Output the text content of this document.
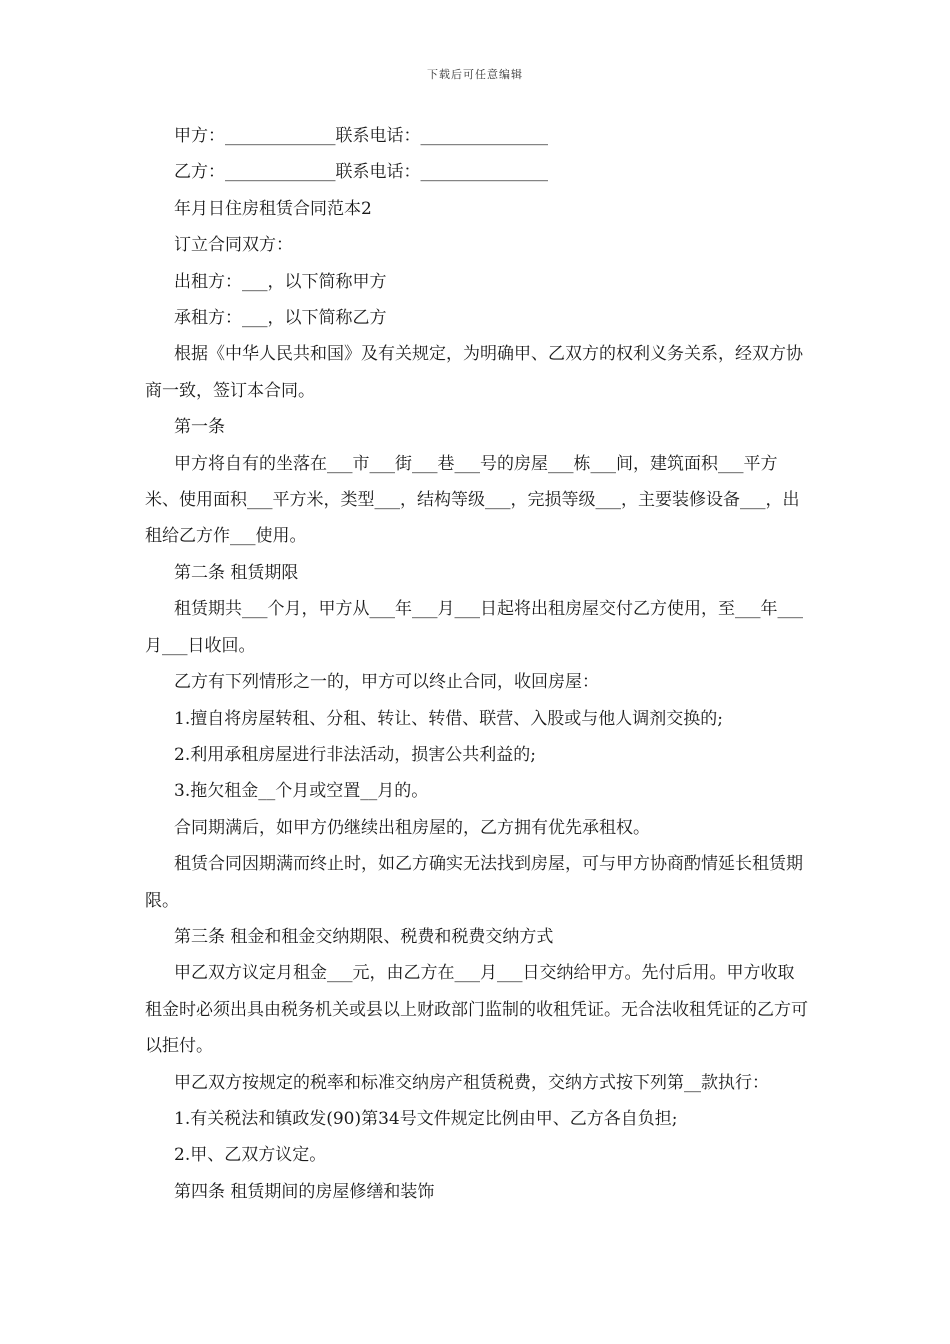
下载后可任意编辑

甲方：_____________联系电话：_______________

乙方：_____________联系电话：_______________

年月日住房租赁合同范本2

订立合同双方：

出租方：___，以下简称甲方

承租方：___，以下简称乙方

根据《中华人民共和国》及有关规定，为明确甲、乙双方的权利义务关系，经双方协商一致，签订本合同。

第一条

甲方将自有的坐落在___市___街___巷___号的房屋___栋___间，建筑面积___平方米、使用面积___平方米，类型___，结构等级___，完损等级___，主要装修设备___，出租给乙方作___使用。

第二条 租赁期限

租赁期共___个月，甲方从___年___月___日起将出租房屋交付乙方使用，至___年___月___日收回。

乙方有下列情形之一的，甲方可以终止合同，收回房屋：

1.擅自将房屋转租、分租、转让、转借、联营、入股或与他人调剂交换的;

2.利用承租房屋进行非法活动，损害公共利益的;

3.拖欠租金__个月或空置__月的。

合同期满后，如甲方仍继续出租房屋的，乙方拥有优先承租权。

租赁合同因期满而终止时，如乙方确实无法找到房屋，可与甲方协商酌情延长租赁期限。

第三条 租金和租金交纳期限、税费和税费交纳方式

甲乙双方议定月租金___元，由乙方在___月___日交纳给甲方。先付后用。甲方收取租金时必须出具由税务机关或县以上财政部门监制的收租凭证。无合法收租凭证的乙方可以拒付。

甲乙双方按规定的税率和标准交纳房产租赁税费，交纳方式按下列第__款执行：

1.有关税法和镇政发(90)第34号文件规定比例由甲、乙方各自负担;

2.甲、乙双方议定。

第四条 租赁期间的房屋修缮和装饰
